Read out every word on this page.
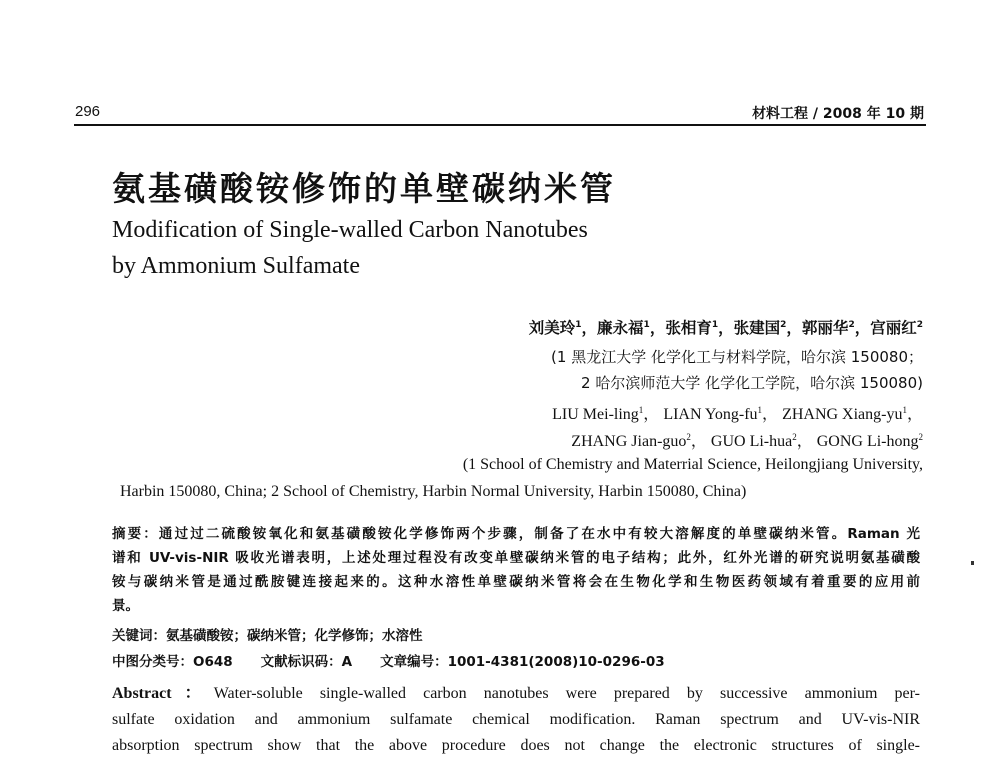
296	材料工程 / 2008 年 10 期
氨基磺酸铵修饰的单壁碳纳米管
Modification of Single-walled Carbon Nanotubes
by Ammonium Sulfamate
刘美玲$^1$，廉永福$^1$，张相育$^1$，张建国$^2$，郭丽华$^2$，宫丽红$^2$
(1 黑龙江大学 化学化工与材料学院，哈尔滨 150080；
2 哈尔滨师范大学 化学化工学院，哈尔滨 150080)
LIU Mei-ling$^1$， LIAN Yong-$fu^1$， ZHANG Xiang-$yu^1$，
ZHANG Jian-guo$^2$， GUO Li-hua$^2$， GONG Li-hong$^2$
(1 School of Chemistry and Materrial Science, Heilongjiang University,
Harbin 150080, China; 2 School of Chemistry, Harbin Normal University, Harbin 150080, China)
摘要：通过过二硫酸铵氧化和氨基磺酸铵化学修饰两个步骤，制备了在水中有较大溶解度的单壁碳纳米管。Raman 光
谱和 UV-vis-NIR 吸收光谱表明，上述处理过程没有改变单壁碳纳米管的电子结构；此外，红外光谱的研究说明氨基磺酸
铵与碳纳米管是通过酰胺键连接起来的。这种水溶性单壁碳纳米管将会在生物化学和生物医药领域有着重要的应用前
景。
关键词：氨基磺酸铵；碳纳米管；化学修饰；水溶性
中图分类号：O648 文献标识码：A 文章编号：1001-4381(2008)10-0296-03
Abstract：Water-soluble single-walled carbon nanotubes were prepared by successive ammonium per-
sulfate oxidation and ammonium sulfamate chemical modification. Raman spectrum and UV-vis-NIR
absorption spectrum show that the above procedure does not change the electronic structures of single-
